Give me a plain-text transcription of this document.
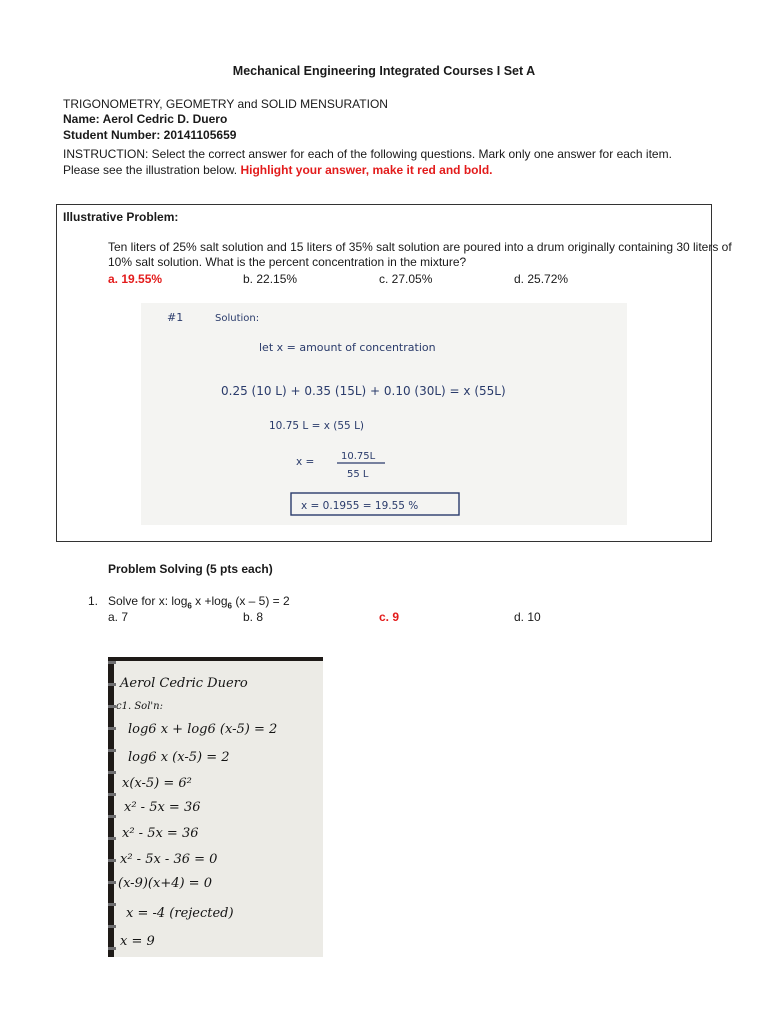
Mechanical Engineering Integrated Courses I Set A
TRIGONOMETRY, GEOMETRY and SOLID MENSURATION
Name: Aerol Cedric D. Duero
Student Number: 20141105659
INSTRUCTION: Select the correct answer for each of the following questions. Mark only one answer for each item.
Please see the illustration below. Highlight your answer, make it red and bold.
Illustrative Problem:
Ten liters of 25% salt solution and 15 liters of 35% salt solution are poured into a drum originally containing 30 liters of
10% salt solution. What is the percent concentration in the mixture?
a. 19.55%	b. 22.15%	c. 27.05%	d. 25.72%
#1	Solution:
let x = amount of concentration
0.25 (10 L) + 0.35 (15L) + 0.10 (30L) = x (55L)
10.75 L = x (55 L)
x =	10.75L
55 L
x = 0.1955 = 19.55 %
Problem Solving (5 pts each)
1. Solve for x: $\log_6 x +\log_6$ (x – 5) = 2
a. 7	b. 8	c. 9	d. 10
Aerol Cedric Duero
c1. Sol'n:
log6 x + log6 (x-5) = 2
log6 x (x-5) = 2
x(x-5) = 6²
x² - 5x = 36
x² - 5x = 36
x² - 5x - 36 = 0
(x-9)(x+4) = 0
x = -4 (rejected)
x = 9
